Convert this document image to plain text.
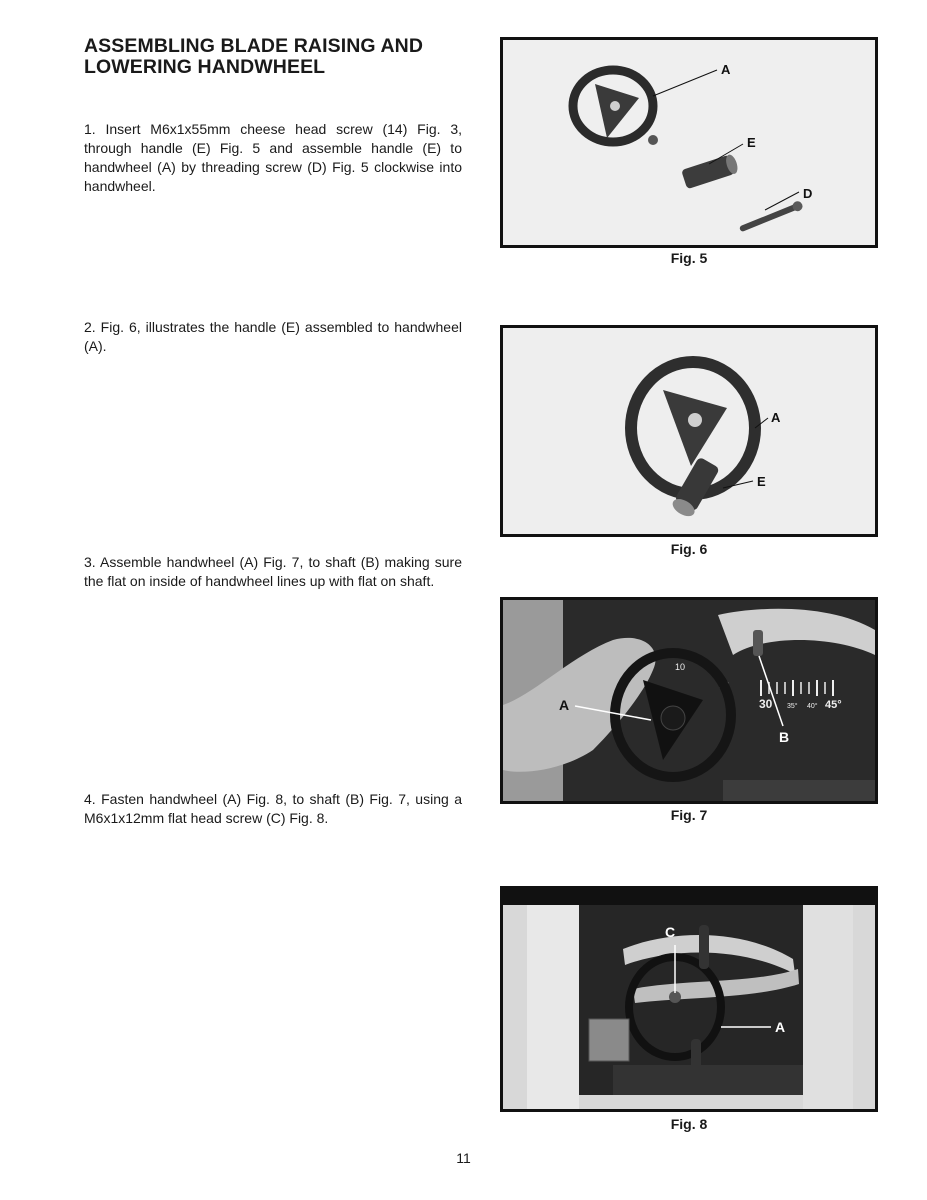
ASSEMBLING BLADE RAISING AND LOWERING HANDWHEEL

1. Insert M6x1x55mm cheese head screw (14) Fig. 3, through handle (E) Fig. 5 and assemble handle (E) to handwheel (A) by threading screw (D) Fig. 5 clockwise into handwheel.

2. Fig. 6, illustrates the handle (E) assembled to handwheel (A).

3. Assemble handwheel (A) Fig. 7, to shaft (B) making sure the flat on inside of handwheel lines up with flat on shaft.

4. Fasten handwheel (A) Fig. 8, to shaft (B) Fig. 7, using a M6x1x12mm flat head screw (C) Fig. 8.

A
E
D
Fig. 5
A
E
Fig. 6
10
20
30 35° 40° 45°
A
B
Fig. 7
C
A
Fig. 8
11
